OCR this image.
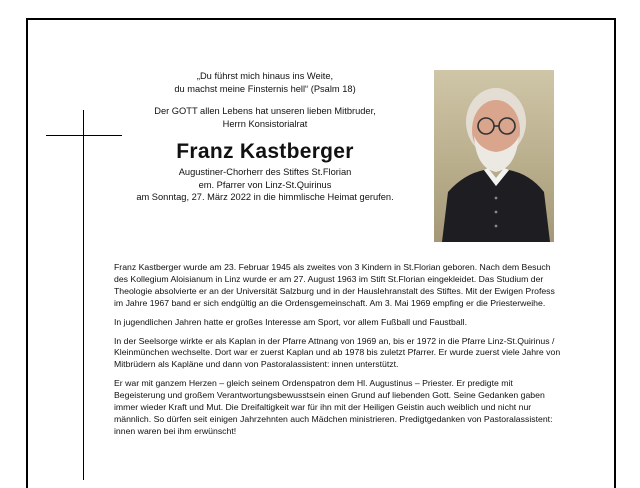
„Du führst mich hinaus ins Weite,
du machst meine Finsternis hell“ (Psalm 18)

Der GOTT allen Lebens hat unseren lieben Mitbruder,
Herrn Konsistorialrat

Franz Kastberger

Augustiner-Chorherr des Stiftes St.Florian
em. Pfarrer von Linz-St.Quirinus
am Sonntag, 27. März 2022 in die himmlische Heimat gerufen.

Franz Kastberger wurde am 23. Februar 1945 als zweites von 3 Kindern in St.Florian geboren. Nach dem Besuch des Kollegium Aloisianum in Linz wurde er am 27. August 1963 im Stift St.Florian eingekleidet. Das Studium der Theologie absolvierte er an der Universität Salzburg und in der Hauslehranstalt des Stiftes. Mit der Ewigen Profess im Jahre 1967 band er sich endgültig an die Ordensgemeinschaft. Am 3. Mai 1969 empfing er die Priesterweihe.

In jugendlichen Jahren hatte er großes Interesse am Sport, vor allem Fußball und Faustball.

In der Seelsorge wirkte er als Kaplan in der Pfarre Attnang von 1969 an, bis er 1972 in die Pfarre Linz-St.Quirinus / Kleinmünchen wechselte. Dort war er zuerst Kaplan und ab 1978 bis zuletzt Pfarrer. Er wurde zuerst viele Jahre von Mitbrüdern als Kapläne und dann von Pastoralassistent: innen unterstützt.

Er war mit ganzem Herzen – gleich seinem Ordenspatron dem Hl. Augustinus – Priester. Er predigte mit Begeisterung und großem Verantwortungsbewusstsein einen Grund auf liebenden Gott. Seine Gedanken gaben immer wieder Kraft und Mut. Die Dreifaltigkeit war für ihn mit der Heiligen Geistin auch weiblich und nicht nur männlich. So dürfen seit einigen Jahrzehnten auch Mädchen ministrieren. Predigtgedanken von Pastoralassistent: innen waren bei ihm erwünscht!
